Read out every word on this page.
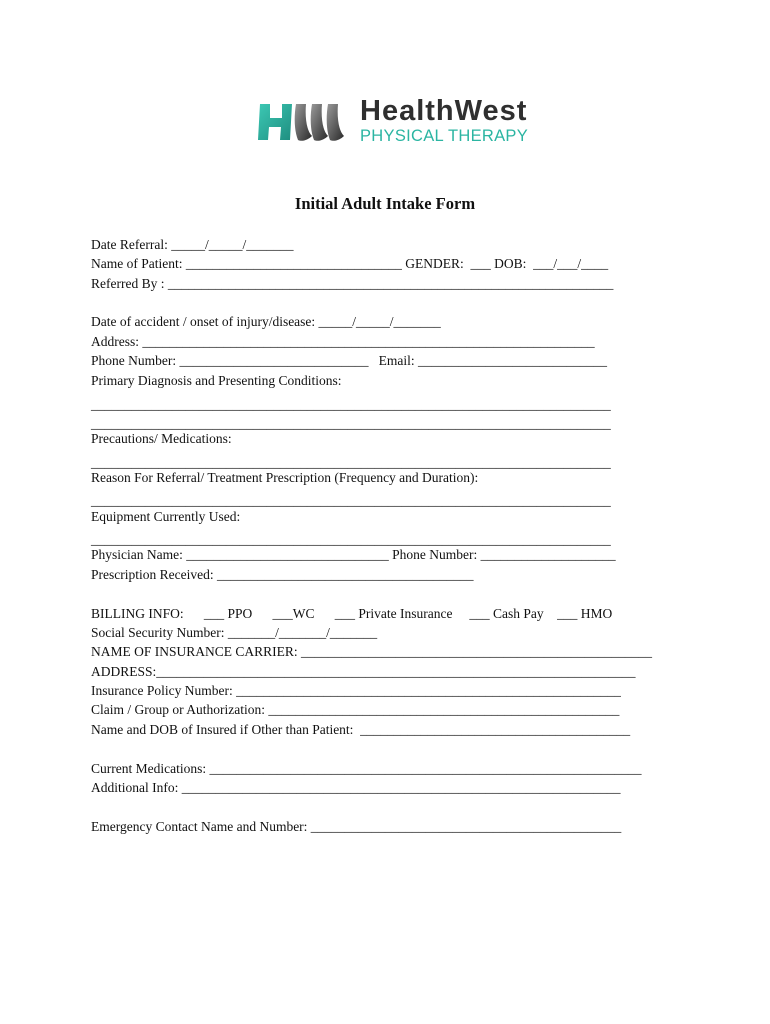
HealthWest
PHYSICAL THERAPY
Initial Adult Intake Form
Date Referral: _____/_____/_______
Name of Patient: ________________________________ GENDER:  ___ DOB:  ___/___/____
Referred By : __________________________________________________________________
Date of accident / onset of injury/disease: _____/_____/_______
Address: ___________________________________________________________________
Phone Number: ____________________________   Email: ____________________________
Primary Diagnosis and Presenting Conditions:
_____________________________________________________________________________
_____________________________________________________________________________
Precautions/ Medications:
_____________________________________________________________________________
Reason For Referral/ Treatment Prescription (Frequency and Duration):
_____________________________________________________________________________
Equipment Currently Used:
_____________________________________________________________________________
Physician Name: ______________________________ Phone Number: ____________________
Prescription Received: ______________________________________
BILLING INFO:      ___ PPO      ___WC      ___ Private Insurance     ___ Cash Pay    ___ HMO
Social Security Number: _______/_______/_______
NAME OF INSURANCE CARRIER: ____________________________________________________
ADDRESS:_______________________________________________________________________
Insurance Policy Number: _________________________________________________________
Claim / Group or Authorization: ____________________________________________________
Name and DOB of Insured if Other than Patient:  ________________________________________
Current Medications: ________________________________________________________________
Additional Info: _________________________________________________________________
Emergency Contact Name and Number: ______________________________________________
